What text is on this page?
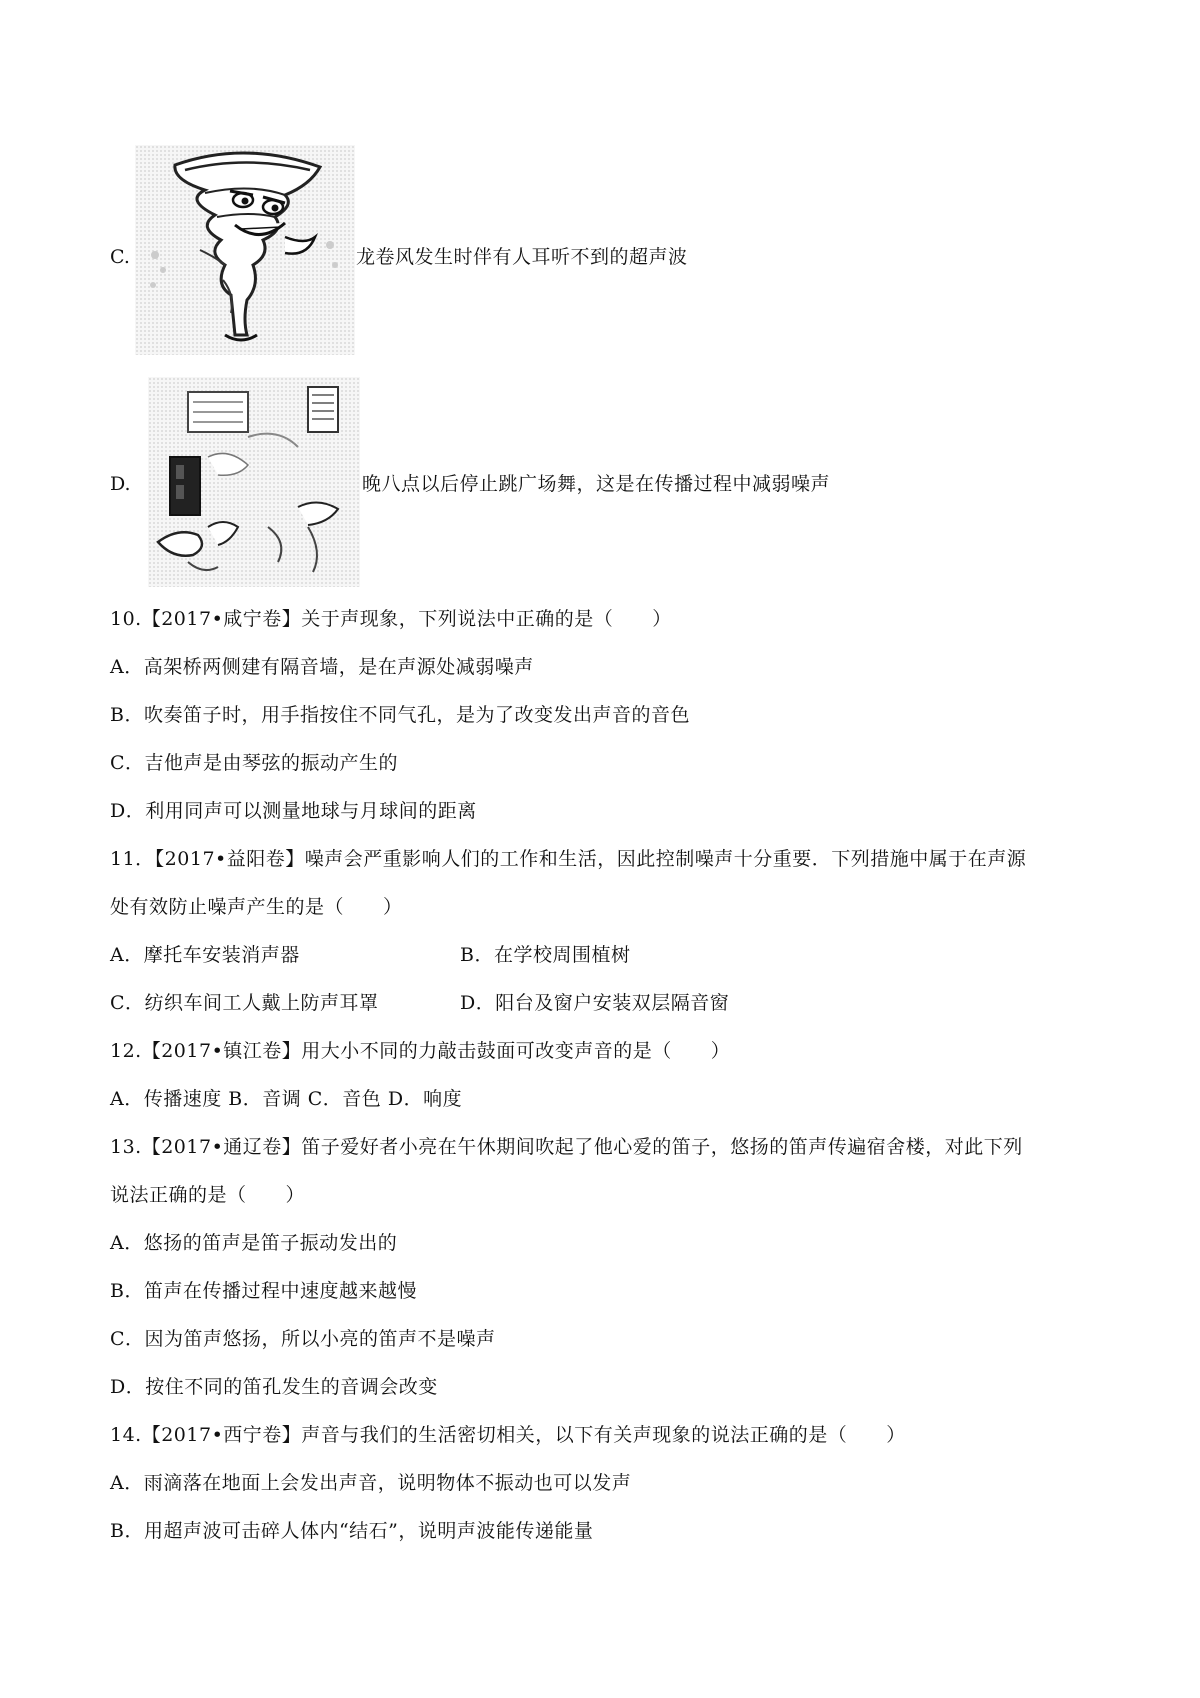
C.	龙卷风发生时伴有人耳听不到的超声波
D.	晚八点以后停止跳广场舞，这是在传播过程中减弱噪声
10.【2017•咸宁卷】关于声现象，下列说法中正确的是（　　）
A．高架桥两侧建有隔音墙，是在声源处减弱噪声
B．吹奏笛子时，用手指按住不同气孔，是为了改变发出声音的音色
C．吉他声是由琴弦的振动产生的
D．利用同声可以测量地球与月球间的距离
11．【2017•益阳卷】噪声会严重影响人们的工作和生活，因此控制噪声十分重要．下列措施中属于在声源
处有效防止噪声产生的是（　　）
A．摩托车安装消声器	B．在学校周围植树
C．纺织车间工人戴上防声耳罩	D．阳台及窗户安装双层隔音窗
12.【2017•镇江卷】用大小不同的力敲击鼓面可改变声音的是（　　）
A．传播速度 B．音调 C．音色 D．响度
13.【2017•通辽卷】笛子爱好者小亮在午休期间吹起了他心爱的笛子，悠扬的笛声传遍宿舍楼，对此下列
说法正确的是（　　）
A．悠扬的笛声是笛子振动发出的
B．笛声在传播过程中速度越来越慢
C．因为笛声悠扬，所以小亮的笛声不是噪声
D．按住不同的笛孔发生的音调会改变
14.【2017•西宁卷】声音与我们的生活密切相关，以下有关声现象的说法正确的是（　　）
A．雨滴落在地面上会发出声音，说明物体不振动也可以发声
B．用超声波可击碎人体内“结石”，说明声波能传递能量
